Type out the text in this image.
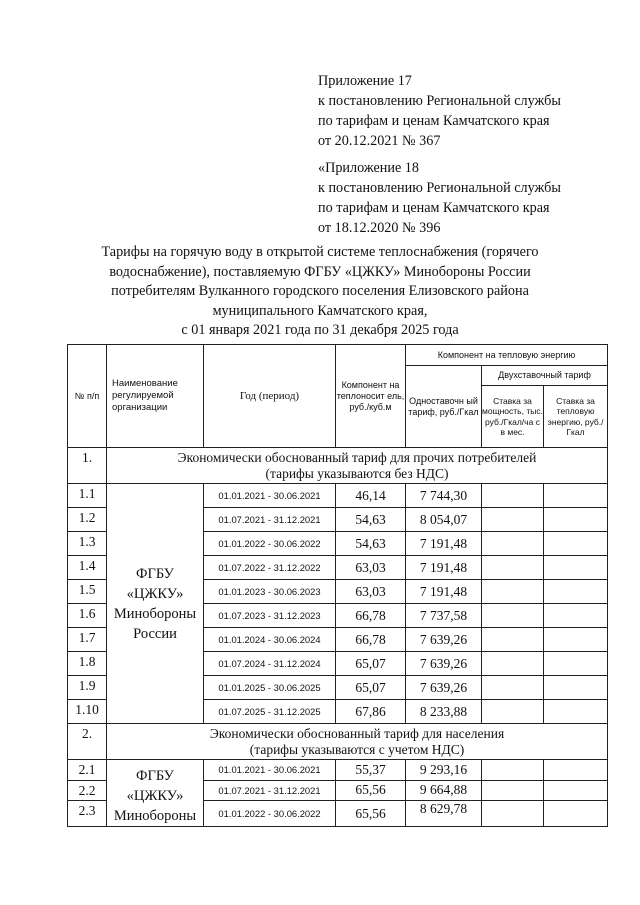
Приложение 17

к постановлению Региональной службы

по тарифам и ценам Камчатского края

от 20.12.2021 № 367

«Приложение 18

к постановлению Региональной службы

по тарифам и ценам Камчатского края

от 18.12.2020 № 396

Тарифы на горячую воду в открытой системе теплоснабжения (горячего

водоснабжение), поставляемую ФГБУ «ЦЖКУ» Минобороны России

потребителям Вулканного городского поселения Елизовского района

муниципального Камчатского края,

с 01 января 2021 года по 31 декабря 2025 года

№ п/п	Наименование регулируемой организации	Год (период)	Компонент на теплоносит ель, руб./куб.м	Компонент на тепловую энергию		
				Одноставочн ый тариф, руб./Гкал	Двухставочный тариф	
					Ставка за мощность, тыс. руб./Гкал/ча с в мес.	Ставка за тепловую энергию, руб./Гкал
1.	Экономически обоснованный тариф для прочих потребителей
(тарифы указываются без НДС)					

1.1	ФГБУ
«ЦЖКУ»
Минобороны
России	01.01.2021 - 30.06.2021	46,14	7 744,30		
1.2		01.07.2021 - 31.12.2021	54,63	8 054,07		
1.3		01.01.2022 - 30.06.2022	54,63	7 191,48		
1.4		01.07.2022 - 31.12.2022	63,03	7 191,48		
1.5		01.01.2023 - 30.06.2023	63,03	7 191,48		
1.6		01.07.2023 - 31.12.2023	66,78	7 737,58		
1.7		01.01.2024 - 30.06.2024	66,78	7 639,26		
1.8		01.07.2024 - 31.12.2024	65,07	7 639,26		
1.9		01.01.2025 - 30.06.2025	65,07	7 639,26		
1.10		01.07.2025 - 31.12.2025	67,86	8 233,88		
2.	Экономически обоснованный тариф для населения
(тарифы указываются с учетом НДС)					

2.1	ФГБУ
«ЦЖКУ»
Минобороны	01.01.2021 - 30.06.2021	55,37	9 293,16		
2.2		01.07.2021 - 31.12.2021	65,56	9 664,88		
2.3		01.01.2022 - 30.06.2022	65,56	8 629,78		
